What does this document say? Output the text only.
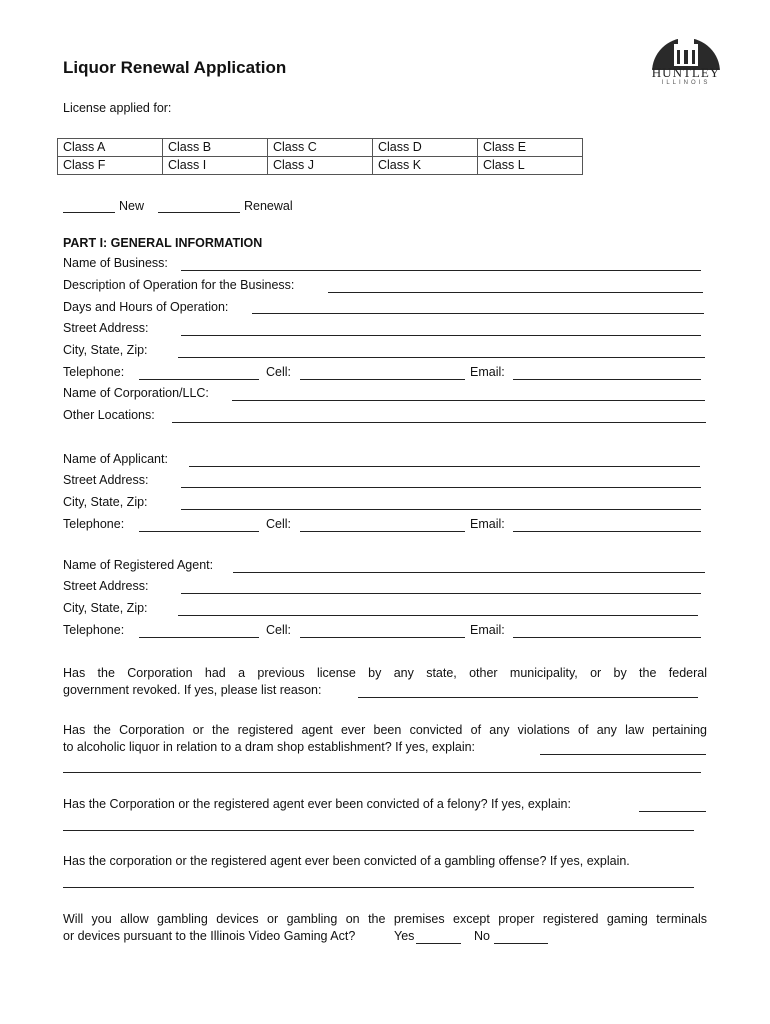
Liquor Renewal Application	HUNTLEY
ILLINOIS
License applied for:
Class A	Class B	Class C	Class D	Class E
Class F	Class I	Class J	Class K	Class L
New	Renewal
PART I: GENERAL INFORMATION
Name of Business:
Description of Operation for the Business:
Days and Hours of Operation:
Street Address:
City, State, Zip:
Telephone:	Cell:	Email:
Name of Corporation/LLC:
Other Locations:
Name of Applicant:
Street Address:
City, State, Zip:
Telephone:	Cell:	Email:
Name of Registered Agent:
Street Address:
City, State, Zip:
Telephone:	Cell:	Email:
Has the Corporation had a previous license by any state, other municipality, or by the federal
government revoked. If yes, please list reason:
Has the Corporation or the registered agent ever been convicted of any violations of any law pertaining
to alcoholic liquor in relation to a dram shop establishment? If yes, explain:
Has the Corporation or the registered agent ever been convicted of a felony? If yes, explain:
Has the corporation or the registered agent ever been convicted of a gambling offense? If yes, explain.
Will you allow gambling devices or gambling on the premises except proper registered gaming terminals
or devices pursuant to the Illinois Video Gaming Act?	Yes	No
